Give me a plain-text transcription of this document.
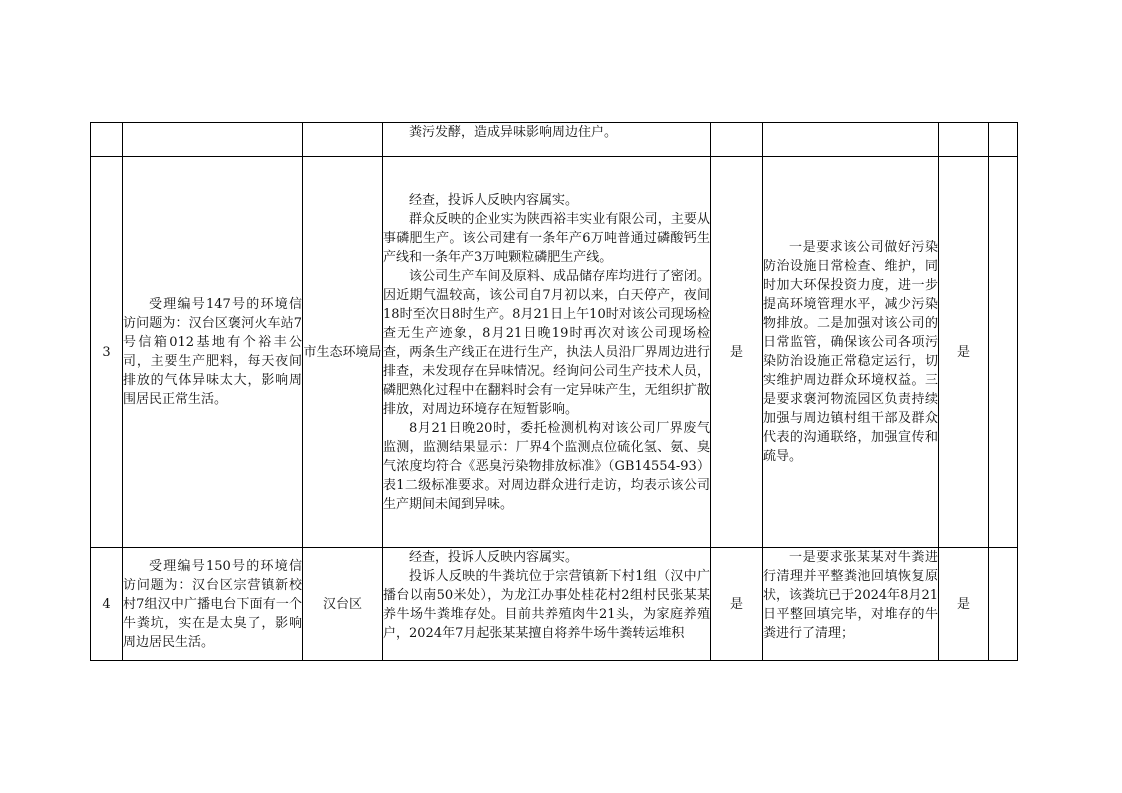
			粪污发酵，造成异味影响周边住户。				

3	受理编号147号的环境信访问题为：汉台区褒河火车站7号信箱012基地有个裕丰公司，主要生产肥料，每天夜间排放的气体异味太大，影响周围居民正常生活。	市生态环境局	经查，投诉人反映内容属实。

群众反映的企业实为陕西裕丰实业有限公司，主要从事磷肥生产。该公司建有一条年产6万吨普通过磷酸钙生产线和一条年产3万吨颗粒磷肥生产线。

该公司生产车间及原料、成品储存库均进行了密闭。因近期气温较高，该公司自7月初以来，白天停产，夜间18时至次日8时生产。8月21日上午10时对该公司现场检查无生产迹象，8月21日晚19时再次对该公司现场检查，两条生产线正在进行生产，执法人员沿厂界周边进行排查，未发现存在异味情况。经询问公司生产技术人员，磷肥熟化过程中在翻料时会有一定异味产生，无组织扩散排放，对周边环境存在短暂影响。

8月21日晚20时，委托检测机构对该公司厂界废气监测，监测结果显示：厂界4个监测点位硫化氢、氨、臭气浓度均符合《恶臭污染物排放标准》（GB14554-93）表1二级标准要求。对周边群众进行走访，均表示该公司生产期间未闻到异味。	是	一是要求该公司做好污染防治设施日常检查、维护，同时加大环保投资力度，进一步提高环境管理水平，减少污染物排放。二是加强对该公司的日常监管，确保该公司各项污染防治设施正常稳定运行，切实维护周边群众环境权益。三是要求褒河物流园区负责持续加强与周边镇村组干部及群众代表的沟通联络，加强宣传和疏导。	是	
4	受理编号150号的环境信访问题为：汉台区宗营镇新校村7组汉中广播电台下面有一个牛粪坑，实在是太臭了，影响周边居民生活。	汉台区	经查，投诉人反映内容属实。

投诉人反映的牛粪坑位于宗营镇新下村1组（汉中广播台以南50米处），为龙江办事处桂花村2组村民张某某养牛场牛粪堆存处。目前共养殖肉牛21头，为家庭养殖户，2024年7月起张某某擅自将养牛场牛粪转运堆积	是	一是要求张某某对牛粪进行清理并平整粪池回填恢复原状，该粪坑已于2024年8月21日平整回填完毕，对堆存的牛粪进行了清理；	是	
